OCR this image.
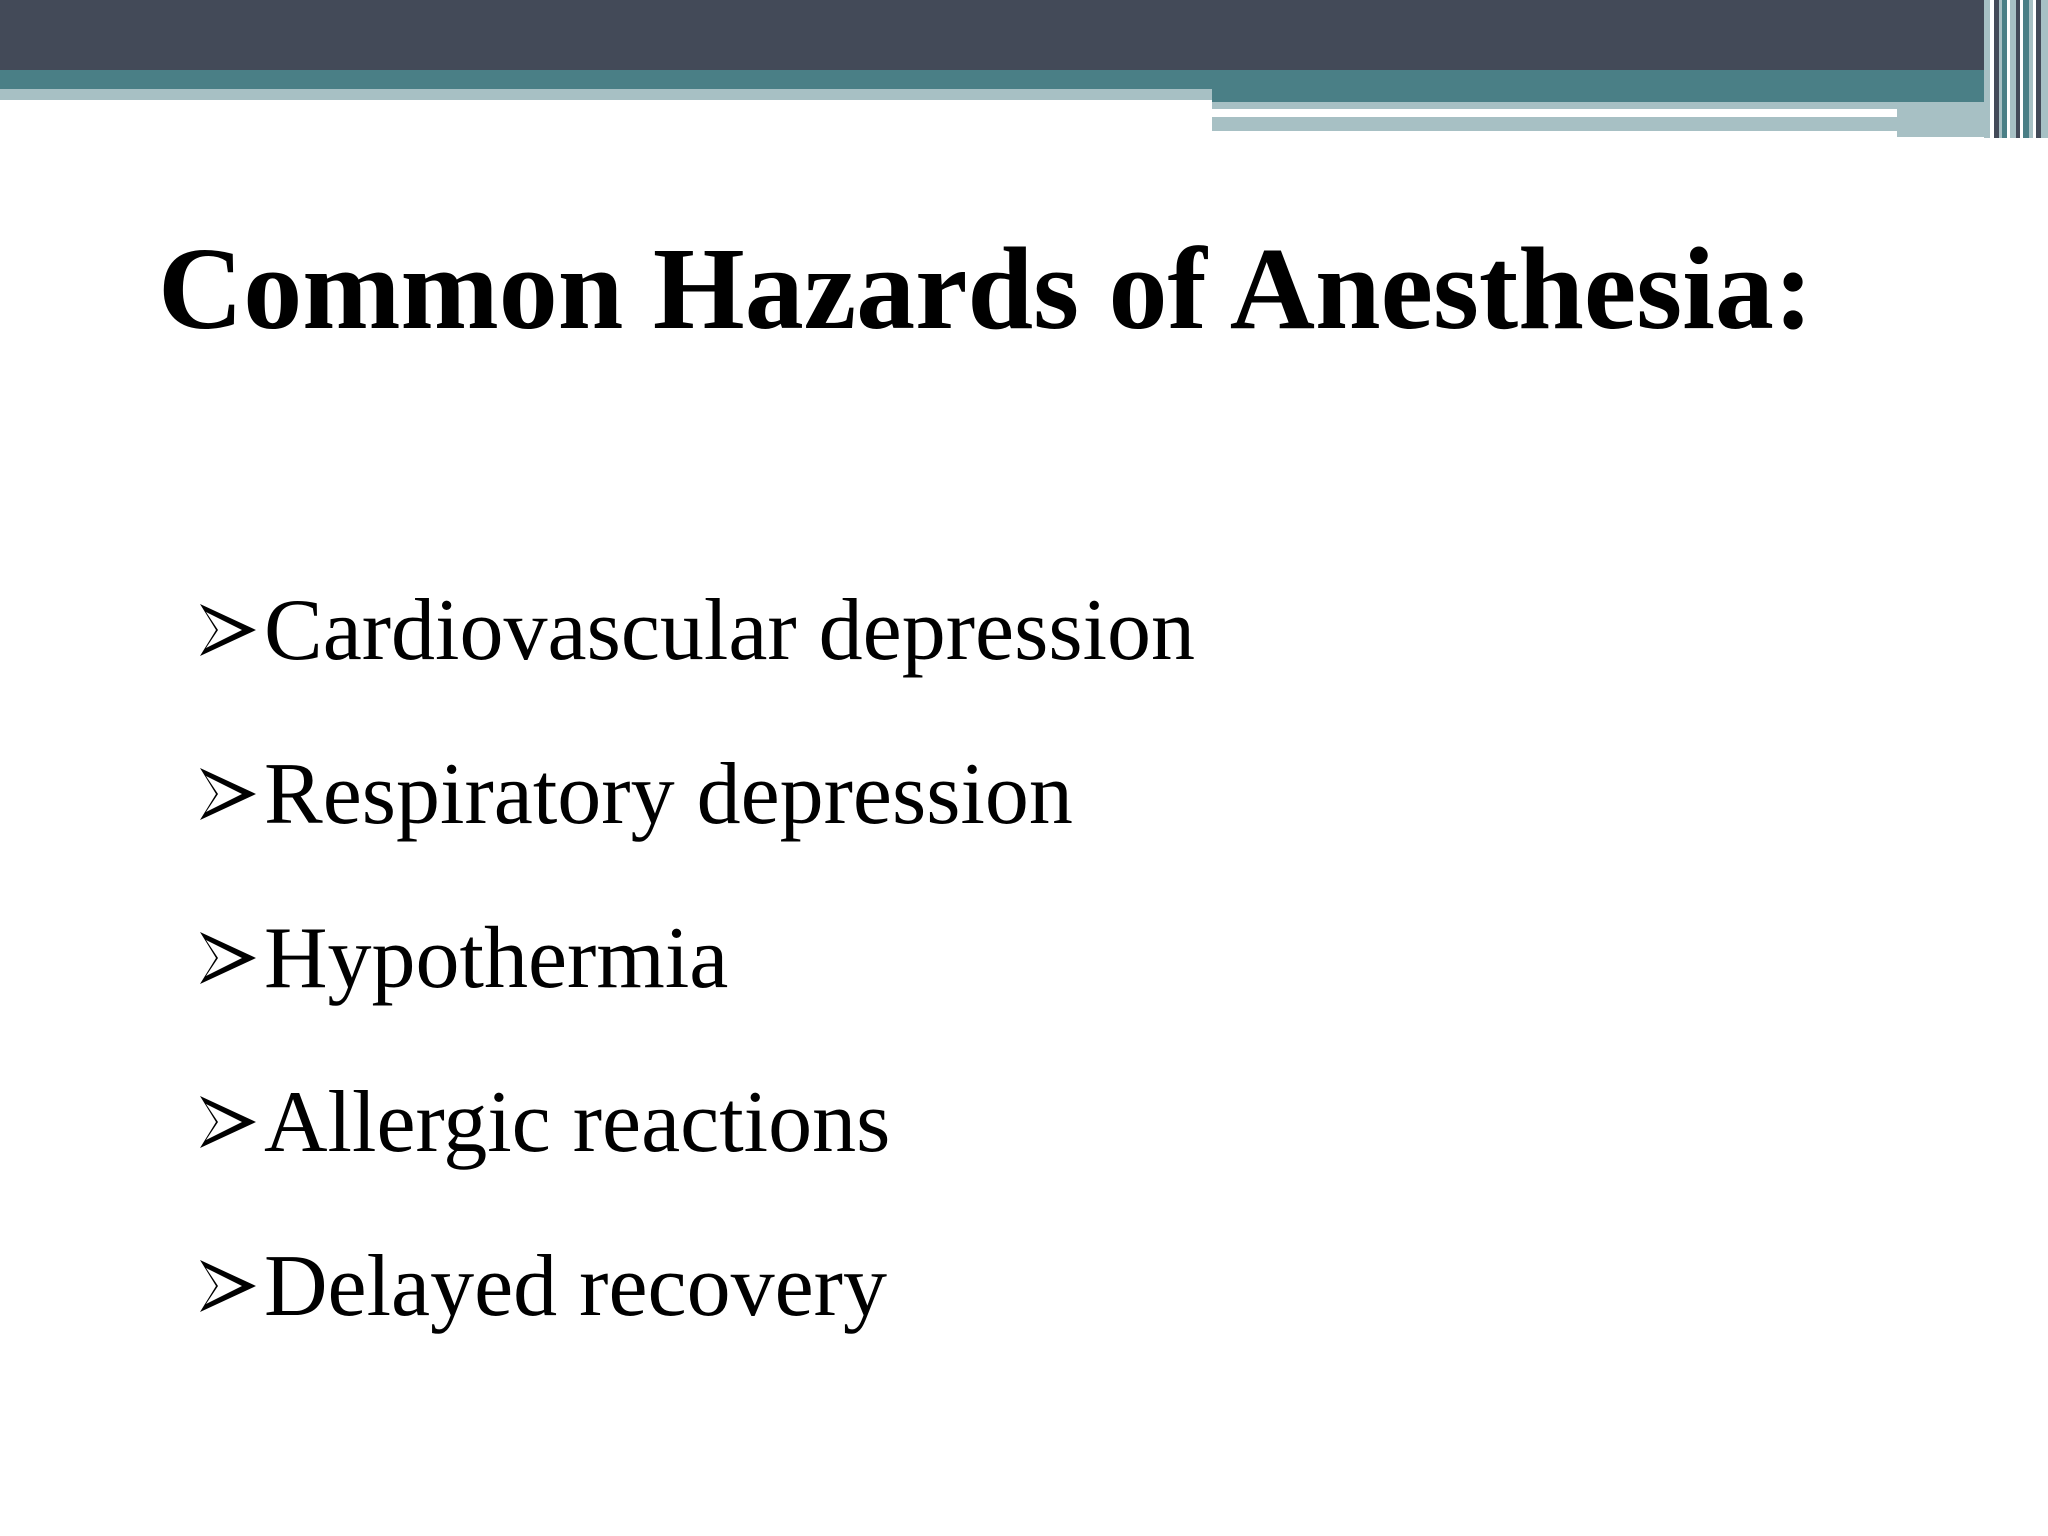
Common Hazards of Anesthesia:
Cardiovascular depression
Respiratory depression
Hypothermia
Allergic reactions
Delayed recovery
